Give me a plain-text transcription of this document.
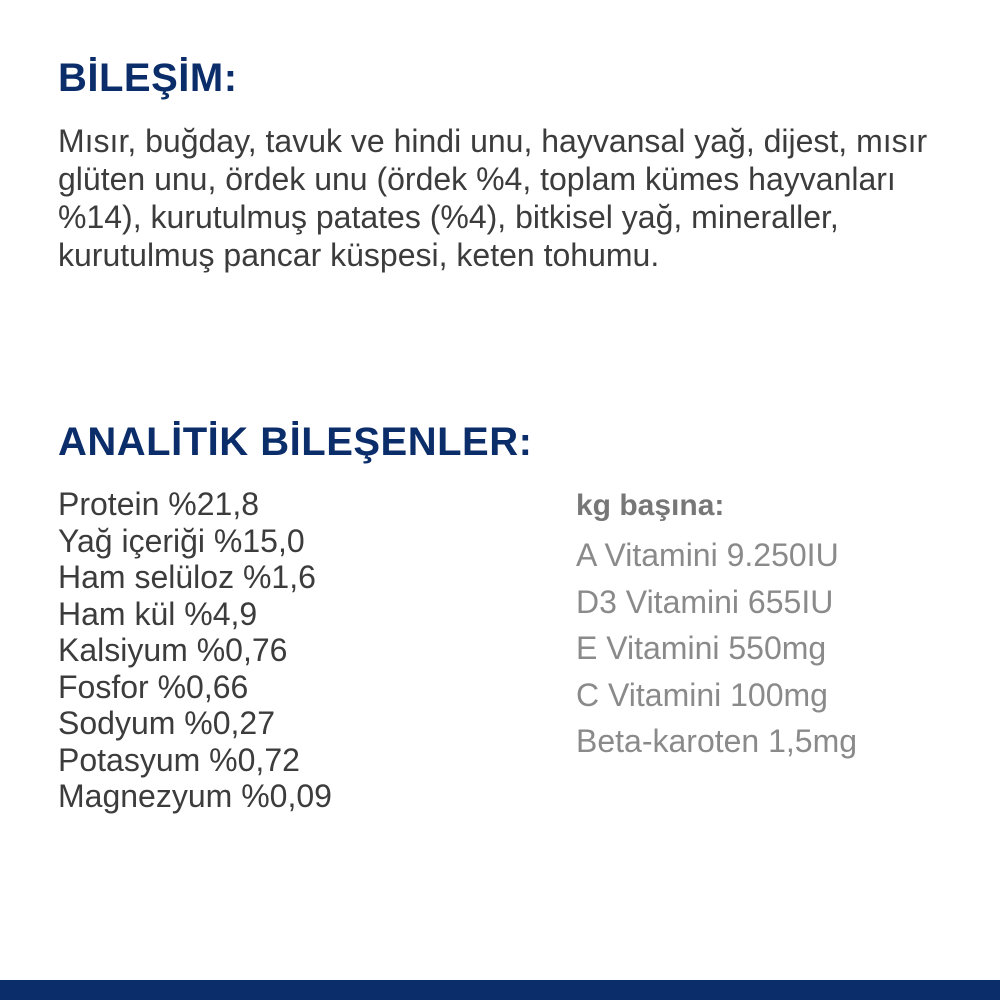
BİLEŞİM:

Mısır, buğday, tavuk ve hindi unu, hayvansal yağ, dijest, mısır glüten unu, ördek unu (ördek %4, toplam kümes hayvanları %14), kurutulmuş patates (%4), bitkisel yağ, mineraller, kurutulmuş pancar küspesi, keten tohumu.

ANALİTİK BİLEŞENLER:
Protein %21,8
Yağ içeriği %15,0
Ham selüloz %1,6
Ham kül %4,9
Kalsiyum %0,76
Fosfor %0,66
Sodyum %0,27
Potasyum %0,72
Magnezyum %0,09
kg başına:
A Vitamini 9.250IU
D3 Vitamini 655IU
E Vitamini 550mg
C Vitamini 100mg
Beta-karoten 1,5mg
